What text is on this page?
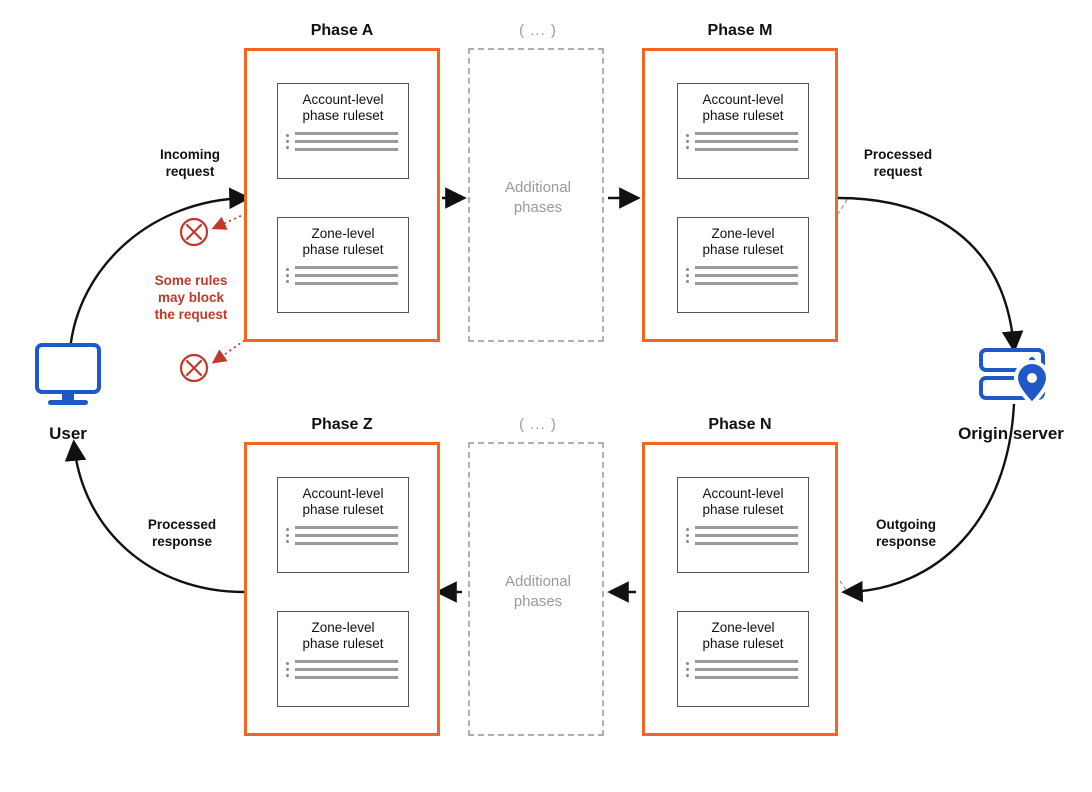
Phase A	Phase M
Phase N
Phase Z
( ... )
( ... )
Account-level
phase ruleset
Zone-level
phase ruleset
Additional
phases
Account-level
phase ruleset
Zone-level
phase ruleset
Account-level
phase ruleset
Zone-level
phase ruleset
Additional
phases
Account-level
phase ruleset
Zone-level
phase ruleset
Incoming
request
Processed
request
Outgoing
response
Processed
response
Some rules
may block
the request
User	Origin server
